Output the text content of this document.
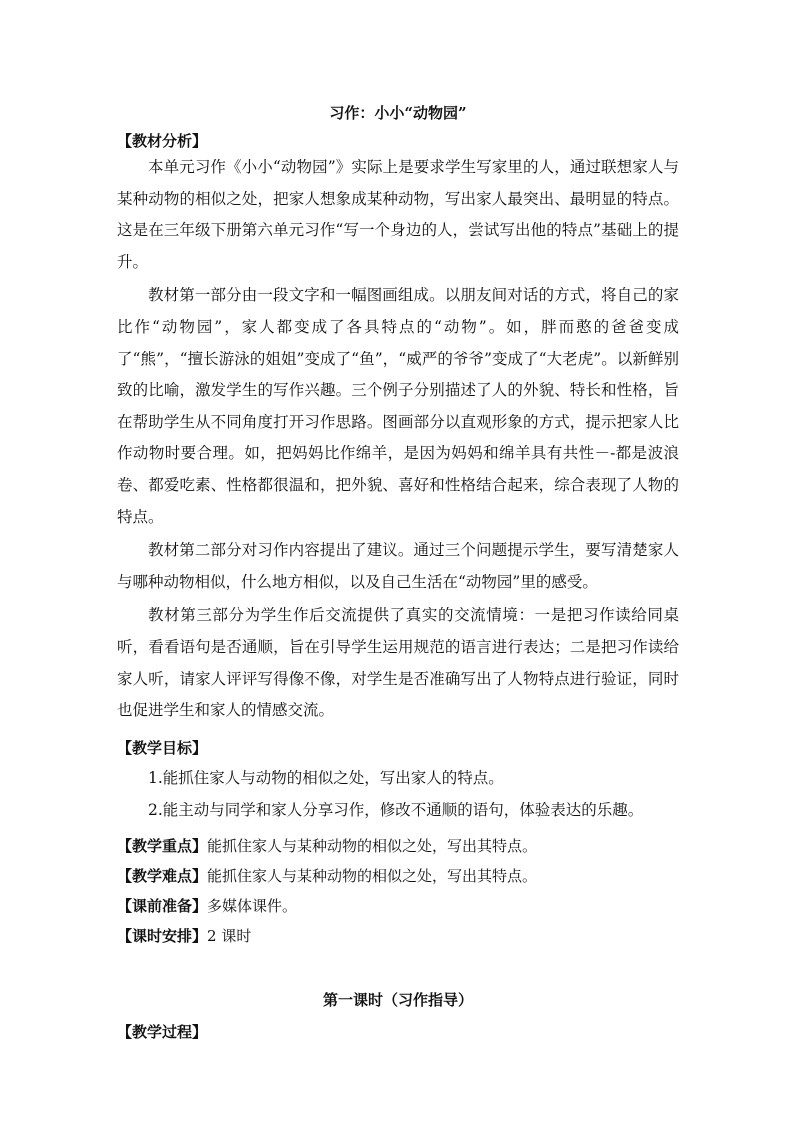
习作：小小“动物园”

【教材分析】

本单元习作《小小“动物园”》实际上是要求学生写家里的人，通过联想家人与某种动物的相似之处，把家人想象成某种动物，写出家人最突出、最明显的特点。这是在三年级下册第六单元习作“写一个身边的人，尝试写出他的特点”基础上的提升。

教材第一部分由一段文字和一幅图画组成。以朋友间对话的方式，将自己的家比作“动物园”，家人都变成了各具特点的“动物”。如，胖而憨的爸爸变成了“熊”，“擅长游泳的姐姐”变成了“鱼”，“威严的爷爷”变成了“大老虎”。以新鲜别致的比喻，激发学生的写作兴趣。三个例子分别描述了人的外貌、特长和性格，旨在帮助学生从不同角度打开习作思路。图画部分以直观形象的方式，提示把家人比作动物时要合理。如，把妈妈比作绵羊，是因为妈妈和绵羊具有共性－-都是波浪卷、都爱吃素、性格都很温和，把外貌、喜好和性格结合起来，综合表现了人物的特点。

教材第二部分对习作内容提出了建议。通过三个问题提示学生，要写清楚家人与哪种动物相似，什么地方相似，以及自己生活在“动物园”里的感受。

教材第三部分为学生作后交流提供了真实的交流情境：一是把习作读给同桌听，看看语句是否通顺，旨在引导学生运用规范的语言进行表达；二是把习作读给家人听，请家人评评写得像不像，对学生是否准确写出了人物特点进行验证，同时也促进学生和家人的情感交流。

【教学目标】

1.能抓住家人与动物的相似之处，写出家人的特点。

2.能主动与同学和家人分享习作，修改不通顺的语句，体验表达的乐趣。

【教学重点】能抓住家人与某种动物的相似之处，写出其特点。

【教学难点】能抓住家人与某种动物的相似之处，写出其特点。

【课前准备】多媒体课件。

【课时安排】2 课时

第一课时（习作指导）

【教学过程】
